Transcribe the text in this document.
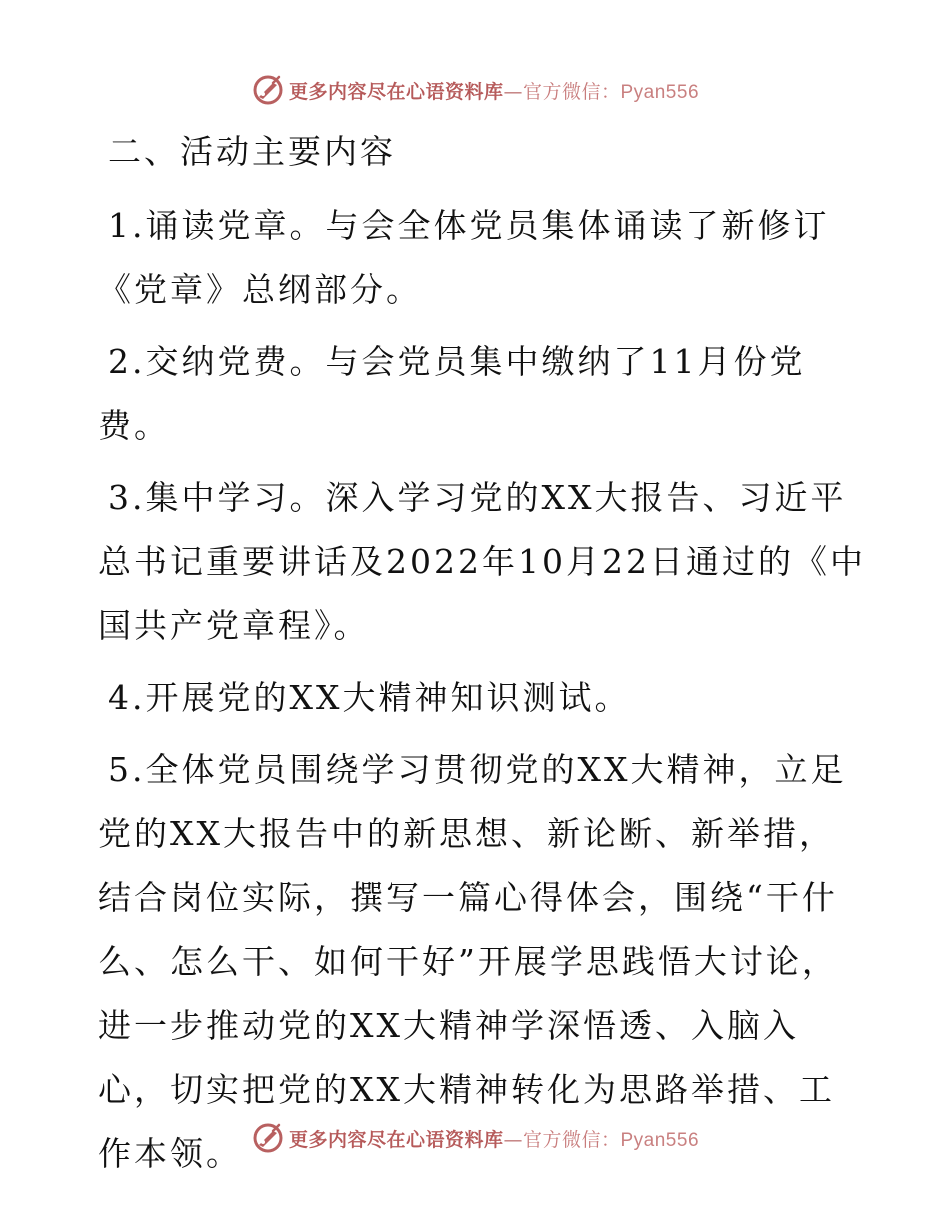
更多内容尽在心语资料库—官方微信：Pyan556

二、活动主要内容

1.诵读党章。与会全体党员集体诵读了新修订《党章》总纲部分。

2.交纳党费。与会党员集中缴纳了11月份党费。

3.集中学习。深入学习党的XX大报告、习近平总书记重要讲话及2022年10月22日通过的《中国共产党章程》。

4.开展党的XX大精神知识测试。

5.全体党员围绕学习贯彻党的XX大精神，立足党的XX大报告中的新思想、新论断、新举措，结合岗位实际，撰写一篇心得体会，围绕“干什么、怎么干、如何干好”开展学思践悟大讨论，进一步推动党的XX大精神学深悟透、入脑入心，切实把党的XX大精神转化为思路举措、工作本领。	更多内容尽在心语资料库—官方微信：Pyan556
